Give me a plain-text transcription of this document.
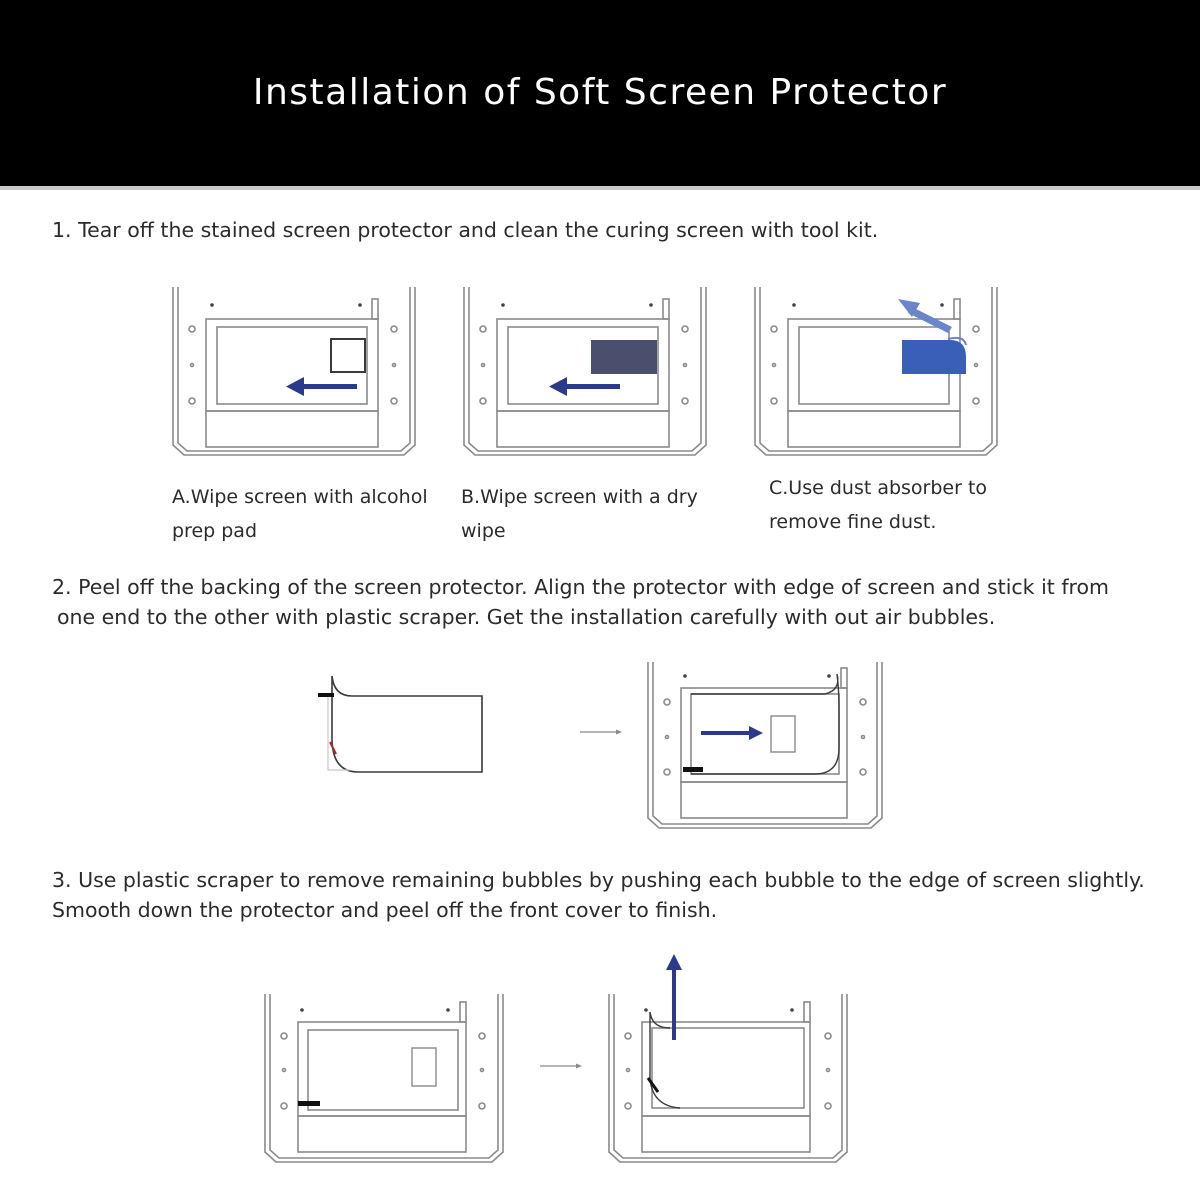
Installation of Soft Screen Protector
1. Tear off the stained screen protector and clean the curing screen with tool kit.
A.Wipe screen with alcohol
prep pad
B.Wipe screen with a dry
wipe
C.Use dust absorber to
remove fine dust.
2. Peel off the backing of the screen protector. Align the protector with edge of screen and stick it from
one end to the other with plastic scraper. Get the installation carefully with out air bubbles.
3. Use plastic scraper to remove remaining bubbles by pushing each bubble to the edge of screen slightly.
Smooth down the protector and peel off the front cover to finish.
